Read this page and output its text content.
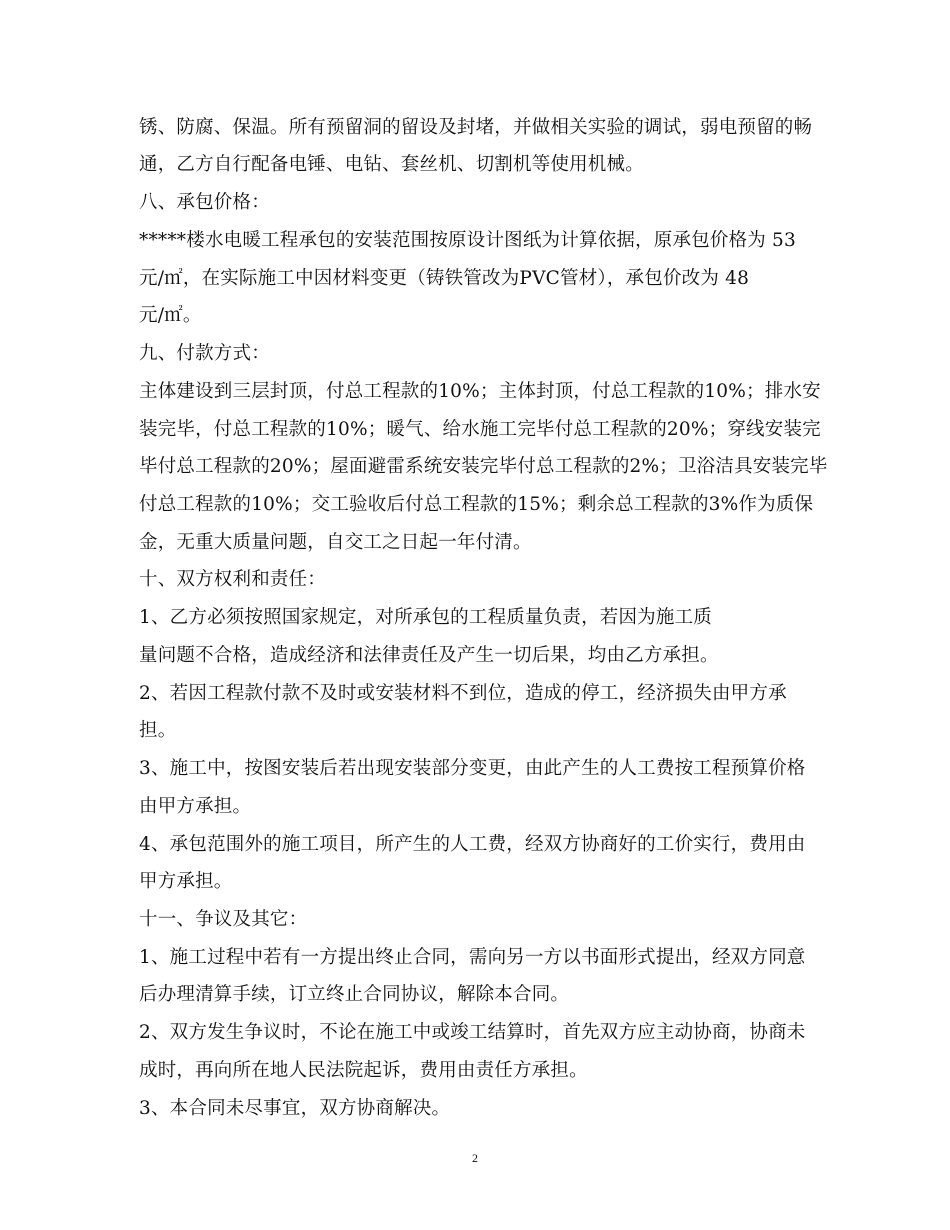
锈、防腐、保温。所有预留洞的留设及封堵，并做相关实验的调试，弱电预留的畅
通，乙方自行配备电锤、电钻、套丝机、切割机等使用机械。
八、承包价格：
*****楼水电暖工程承包的安装范围按原设计图纸为计算依据，原承包价格为 53
元/㎡，在实际施工中因材料变更（铸铁管改为PVC管材），承包价改为 48
元/㎡。
九、付款方式：
主体建设到三层封顶，付总工程款的10%；主体封顶，付总工程款的10%；排水安
装完毕，付总工程款的10%；暖气、给水施工完毕付总工程款的20%；穿线安装完
毕付总工程款的20%；屋面避雷系统安装完毕付总工程款的2%；卫浴洁具安装完毕
付总工程款的10%；交工验收后付总工程款的15%；剩余总工程款的3%作为质保
金，无重大质量问题，自交工之日起一年付清。
十、双方权利和责任：
1、乙方必须按照国家规定，对所承包的工程质量负责，若因为施工质
量问题不合格，造成经济和法律责任及产生一切后果，均由乙方承担。
2、若因工程款付款不及时或安装材料不到位，造成的停工，经济损失由甲方承
担。
3、施工中，按图安装后若出现安装部分变更，由此产生的人工费按工程预算价格
由甲方承担。
4、承包范围外的施工项目，所产生的人工费，经双方协商好的工价实行，费用由
甲方承担。
十一、争议及其它：
1、施工过程中若有一方提出终止合同，需向另一方以书面形式提出，经双方同意
后办理清算手续，订立终止合同协议，解除本合同。
2、双方发生争议时，不论在施工中或竣工结算时，首先双方应主动协商，协商未
成时，再向所在地人民法院起诉，费用由责任方承担。
3、本合同未尽事宜，双方协商解决。
2
